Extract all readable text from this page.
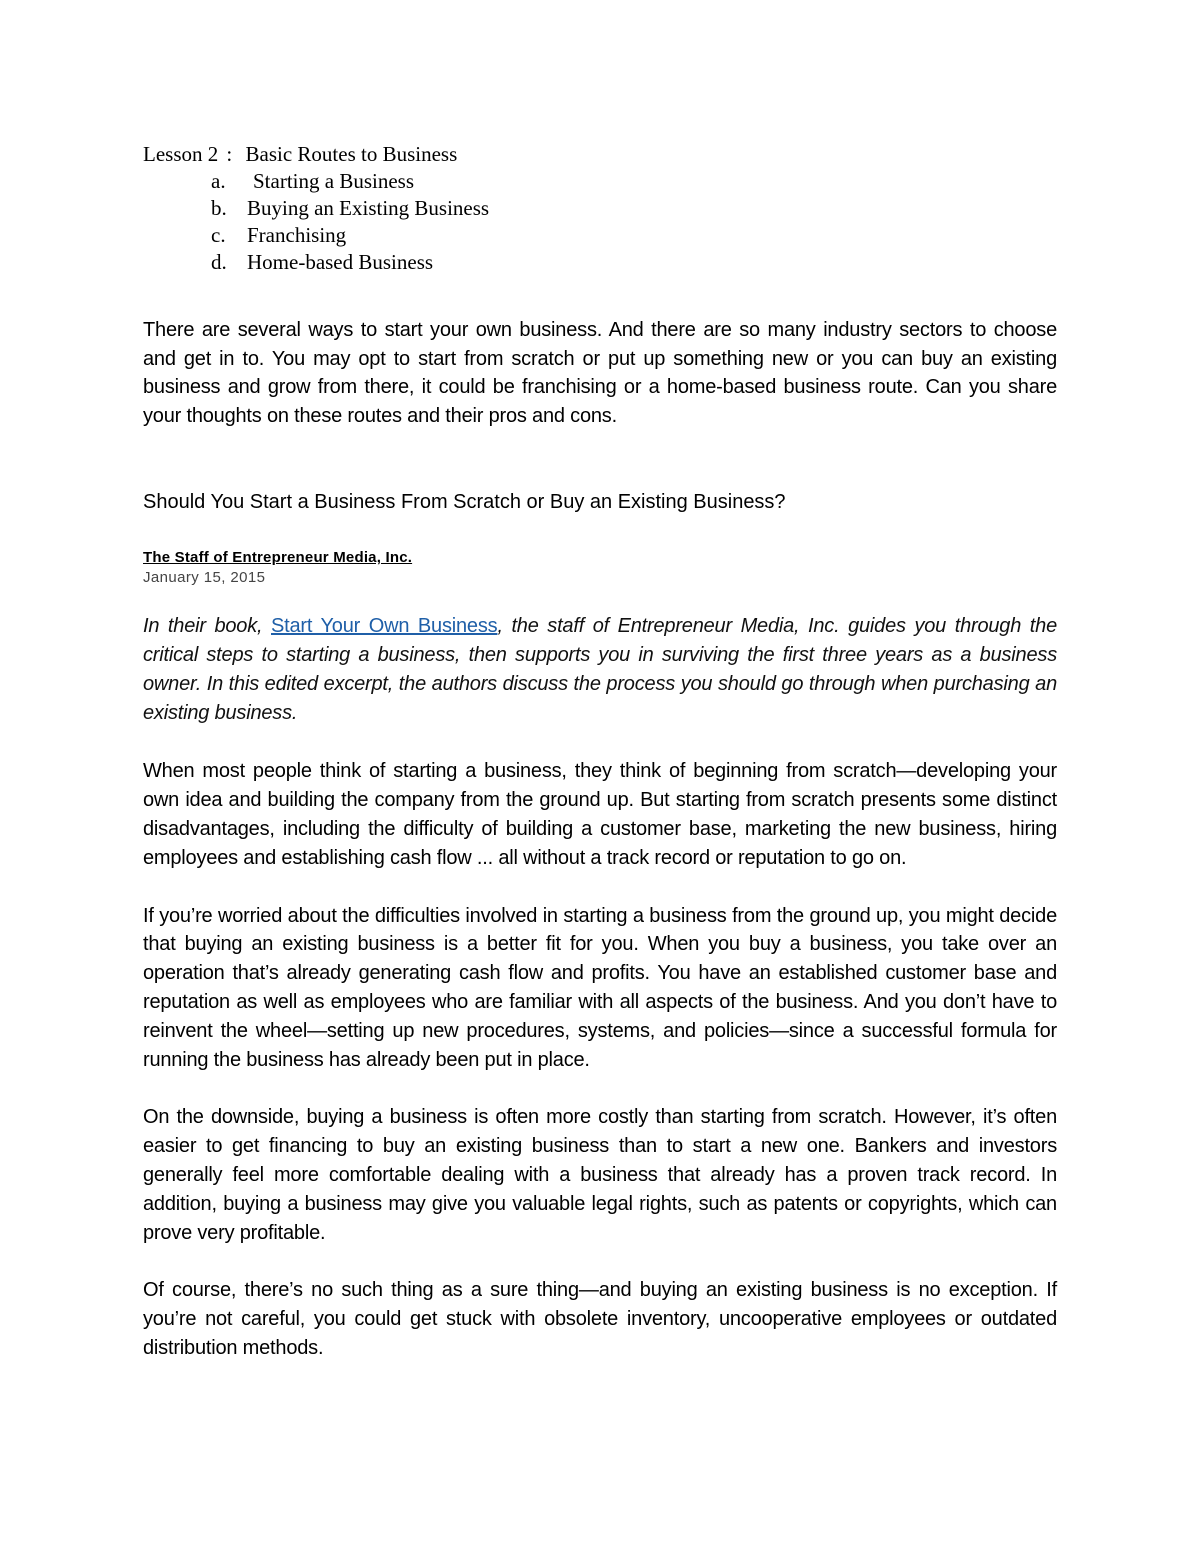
Lesson 2 : Basic Routes to Business

a. Starting a Business
b. Buying an Existing Business
c. Franchising
d. Home-based Business

There are several ways to start your own business. And there are so many industry sectors to choose and get in to. You may opt to start from scratch or put up something new or you can buy an existing business and grow from there, it could be franchising or a home-based business route. Can you share your thoughts on these routes and their pros and cons.

Should You Start a Business From Scratch or Buy an Existing Business?

The Staff of Entrepreneur Media, Inc.

January 15, 2015

In their book, Start Your Own Business, the staff of Entrepreneur Media, Inc. guides you through the critical steps to starting a business, then supports you in surviving the first three years as a business owner. In this edited excerpt, the authors discuss the process you should go through when purchasing an existing business.

When most people think of starting a business, they think of beginning from scratch—developing your own idea and building the company from the ground up. But starting from scratch presents some distinct disadvantages, including the difficulty of building a customer base, marketing the new business, hiring employees and establishing cash flow ... all without a track record or reputation to go on.

If you’re worried about the difficulties involved in starting a business from the ground up, you might decide that buying an existing business is a better fit for you. When you buy a business, you take over an operation that’s already generating cash flow and profits. You have an established customer base and reputation as well as employees who are familiar with all aspects of the business. And you don’t have to reinvent the wheel—setting up new procedures, systems, and policies—since a successful formula for running the business has already been put in place.

On the downside, buying a business is often more costly than starting from scratch. However, it’s often easier to get financing to buy an existing business than to start a new one. Bankers and investors generally feel more comfortable dealing with a business that already has a proven track record. In addition, buying a business may give you valuable legal rights, such as patents or copyrights, which can prove very profitable.

Of course, there’s no such thing as a sure thing—and buying an existing business is no exception. If you’re not careful, you could get stuck with obsolete inventory, uncooperative employees or outdated distribution methods.
